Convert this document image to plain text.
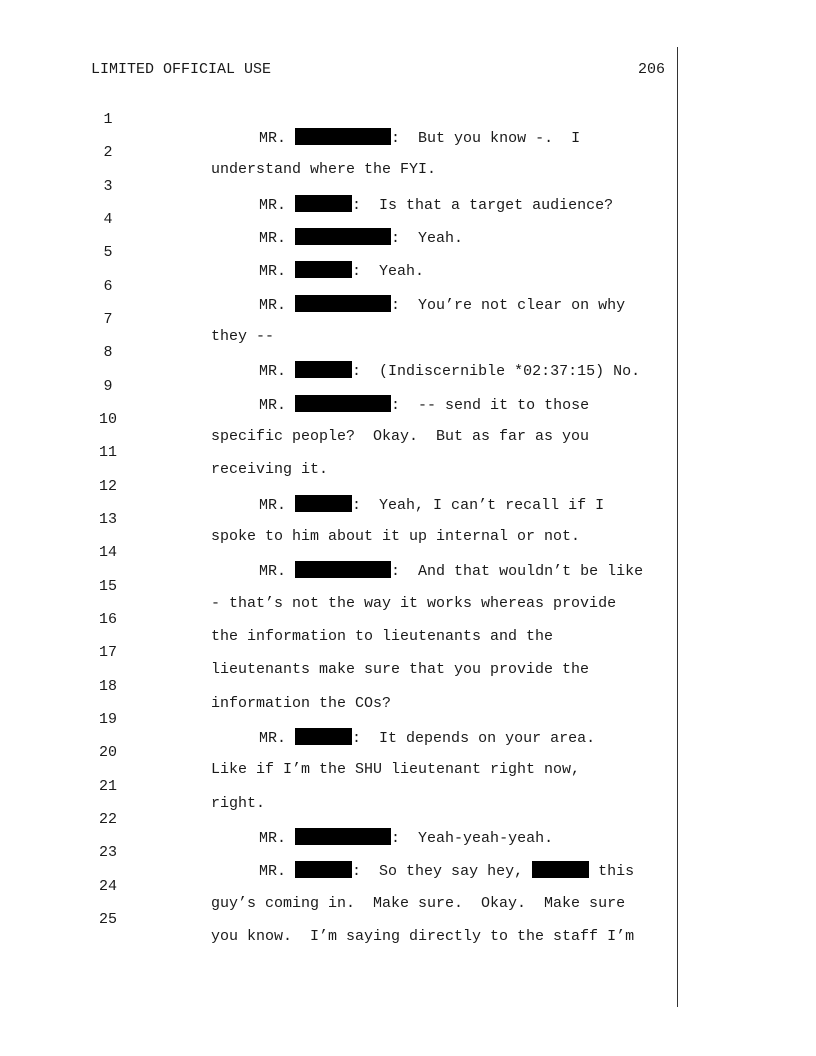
LIMITED OFFICIAL USE	206

1

MR.	:  But you know -.  I

2

understand where the FYI.

3

MR.	:  Is that a target audience?

4

MR.	:  Yeah.

5

MR.	:  Yeah.

6

MR.	:  You’re not clear on why

7

they --

8

MR.	:  (Indiscernible *02:37:15) No.

9

MR.	:  -- send it to those

10

specific people?  Okay.  But as far as you

11

receiving it.

12

MR.	:  Yeah, I can’t recall if I

13

spoke to him about it up internal or not.

14

MR.	:  And that wouldn’t be like

15

- that’s not the way it works whereas provide

16

the information to lieutenants and the

17

lieutenants make sure that you provide the

18

information the COs?

19

MR.	:  It depends on your area.

20

Like if I’m the SHU lieutenant right now,

21

right.

22

MR.	:  Yeah-yeah-yeah.

23

MR.	:  So they say hey,	this

24

guy’s coming in.  Make sure.  Okay.  Make sure

25

you know.  I’m saying directly to the staff I’m
